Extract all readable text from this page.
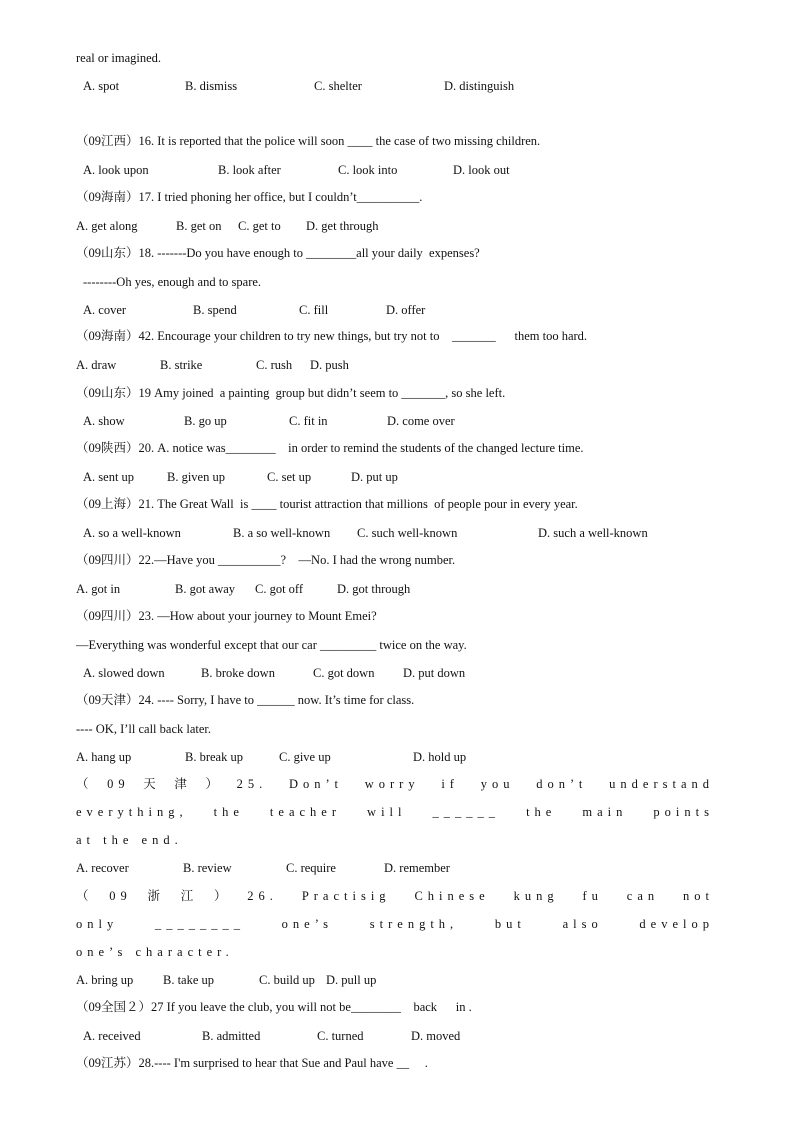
real or imagined.
A. spot	B. dismiss	C. shelter	D. distinguish
（09江西）16. It is reported that the police will soon ____ the case of two missing children.
A. look upon	B. look after	C. look into	D. look out
（09海南）17. I tried phoning her office, but I couldn’t__________.
A. get along	B. get on C. get to D. get through
（09山东）18. -------Do you have enough to ________all your daily  expenses?
--------Oh yes, enough and to spare.
A. cover	B. spend	C. fill	D. offer
（09海南）42. Encourage your children to try new things, but try not to    _______      them too hard.
A. draw	B. strike	C. rush D. push
（09山东）19 Amy joined  a painting  group but didn’t seem to _______, so she left.
A. show	B. go up	C. fit in	D. come over
（09陕西）20. A. notice was________    in order to remind the students of the changed lecture time.
A. sent up	B. given up	C. set up	D. put up
（09上海）21. The Great Wall  is ____ tourist attraction that millions  of people pour in every year.
A. so a well-known	B. a so well-known C. such well-known	D. such a well-known
（09四川）22.—Have you __________?    —No. I had the wrong number.
A. got in	B. got away C. got off	D. got through
（09四川）23. —How about your journey to Mount Emei?
—Everything was wonderful except that our car _________ twice on the way.
A. slowed down	B. broke down	C. got down D. put down
（09天津）24. ---- Sorry, I have to ______ now. It’s time for class.
---- OK, I’ll call back later.
A. hang up	B. break up	C. give up	D. hold up
（09天津）25. Don’t worry if you don’t understand
everything, the teacher will ______ the main points
at the end.
A. recover	B. review	C. require	D. remember
（09浙江）26. Practisig Chinese kung fu can not
only ________ one’s strength, but also develop
one’s character.
A. bring up B. take up	C. build up D. pull up
（09全国２）27 If you leave the club, you will not be________    back      in .
A. received	B. admitted	C. turned	D. moved
（09江苏）28.---- I'm surprised to hear that Sue and Paul have __     .
